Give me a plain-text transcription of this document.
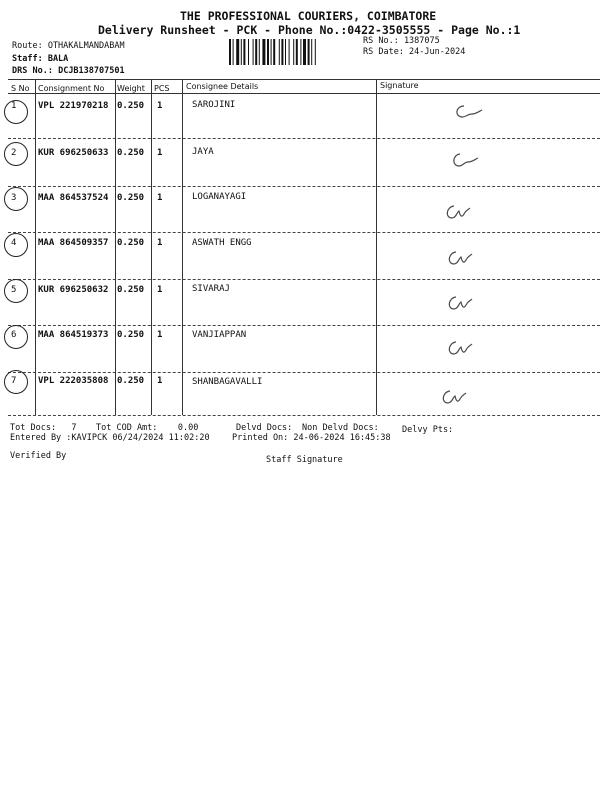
THE PROFESSIONAL COURIERS, COIMBATORE
Delivery Runsheet - PCK - Phone No.:0422-3505555 - Page No.:1
Route: OTHAKALMANDABAM
Staff: BALA
DRS No.: DCJB138707501
RS No.: 1387075
RS Date: 24-Jun-2024
S No Consignment No Weight PCS Consignee Details	Signature
1 VPL 221970218 0.250 1	SAROJINI
2 KUR 696250633 0.250 1	JAYA
3 MAA 864537524 0.250 1	LOGANAYAGI
4 MAA 864509357 0.250 1	ASWATH ENGG
5 KUR 696250632 0.250 1	SIVARAJ
6 MAA 864519373 0.250 1	VANJIAPPAN
7 VPL 222035808 0.250 1	SHANBAGAVALLI
Tot Docs: 7 Tot COD Amt: 0.00	Delvd Docs: Non Delvd Docs:	Delvy Pts:
Entered By :KAVIPCK 06/24/2024 11:02:20	Printed On: 24-06-2024 16:45:38
Verified By	Staff Signature
